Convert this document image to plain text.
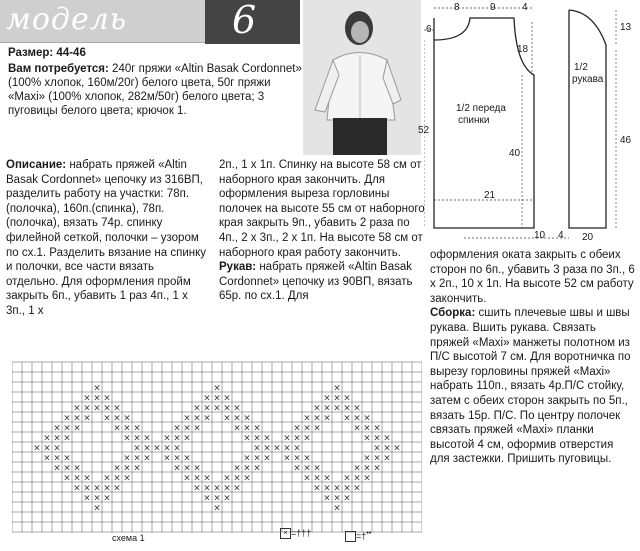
модель	6
Размер: 44-46
Вам потребуется: 240г пряжи «Altin Basak Cordonnet» (100% хлопок, 160м/20г) белого цвета, 50г пряжи «Maxi» (100% хлопок, 282м/50г) белого цвета; 3 пуговицы белого цвета; крючок 1.
8	9	4
6
18
52
40
21
10 4
13
46
20
1/2 переда
спинки
1/2
рукава
Описание: набрать пряжей «Altin Basak Cordonnet» цепочку из 316ВП, разделить работу на участки: 78п.(полочка), 160п.(спинка), 78п.(полочка), вязать 74р. спинку филейной сеткой, полочки – узором по сх.1. Разделить вязание на спинку и полочки, все части вязать отдельно. Для оформления пройм закрыть 6п., убавить 1 раз 4п., 1 х 3п., 1 х
2п., 1 х 1п. Спинку на высоте 58 см от наборного края закончить. Для оформления выреза горловины полочек на высоте 55 см от наборного края закрыть 9п., убавить 2 раза по 4п., 2 х 3п., 2 х 1п. На высоте 58 см от наборного края работу закончить.
Рукав: набрать пряжей «Altin Basak Cordonnet» цепочку из 90ВП, вязать 65р. по сх.1. Для
оформления оката закрыть с обеих сторон по 6п., убавить 3 раза по 3п., 6 х 2п., 10 х 1п. На высоте 52 см работу закончить.
Сборка: сшить плечевые швы и швы рукава. Вшить рукава. Связать пряжей «Maxi» манжеты полотном из П/С высотой 7 см. Для воротничка по вырезу горловины пряжей «Maxi» набрать 110п., вязать 4р.П/С стойку, затем с обеих сторон закрыть по 5п., вязать 15р. П/С. По центру полочек связать пряжей «Maxi» планки высотой 4 см, оформив отверстия для застежки. Пришить пуговицы.
×	×	×
× × ×	× × ×	× × ×
× × × × ×	× × × × ×	× × × × ×
× × × × × ×	× × × × × ×	× × × × × ×
× × ×	× × ×	× × ×	× × ×	× × ×	× × ×
× × ×	× × × × × ×	× × × × × ×	× × ×
× × ×	× × × × ×	× × × × ×	× × ×
× × ×	× × × × × ×	× × × × × ×	× × ×
× × ×	× × ×	× × ×	× × ×	× × ×	× × ×
× × × × × ×	× × × × × ×	× × × × × ×
× × × × ×	× × × × ×	× × × × ×
× × ×	× × ×	× × ×
×	×	×
схема 1	× =†††	=†••
